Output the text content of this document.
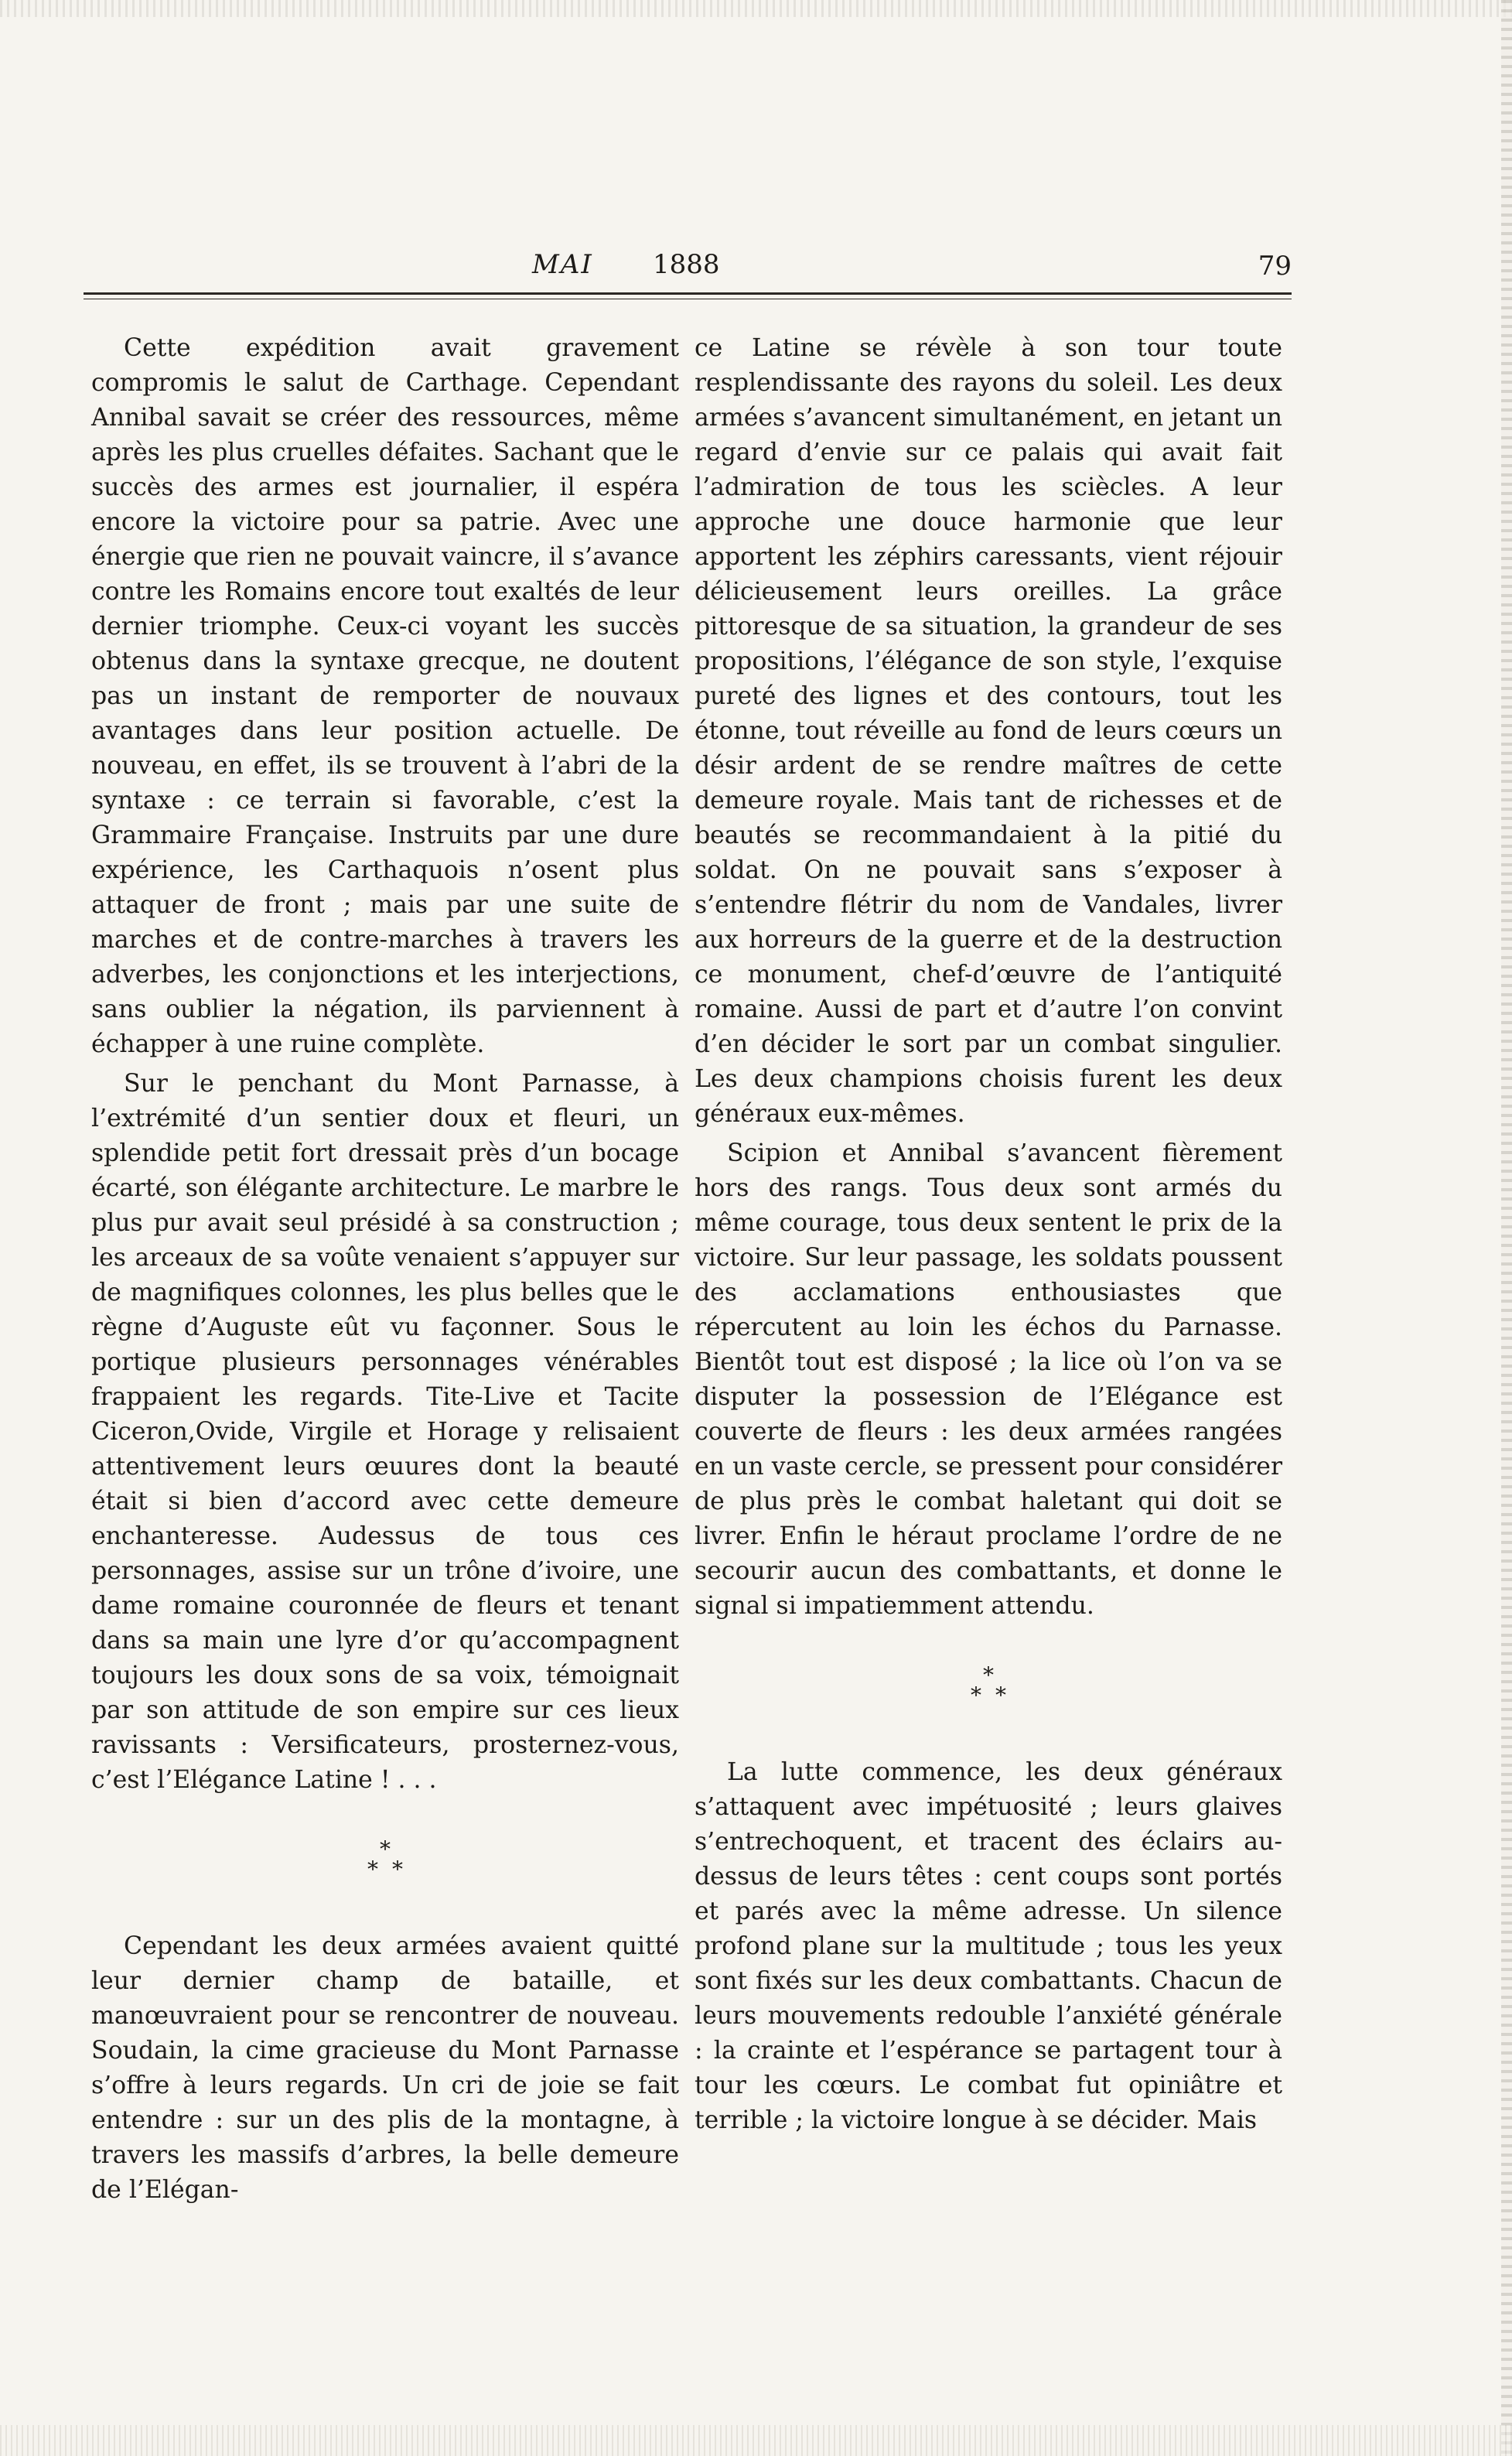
MAI 1888	79

Cette expédition avait gravement compromis le salut de Carthage. Cependant Annibal savait se créer des ressources, même après les plus cruelles défaites. Sachant que le succès des armes est journalier, il espéra encore la victoire pour sa patrie. Avec une énergie que rien ne pouvait vaincre, il s’avance contre les Romains encore tout exaltés de leur dernier triomphe. Ceux-ci voyant les succès obtenus dans la syntaxe grecque, ne doutent pas un instant de remporter de nouvaux avantages dans leur position actuelle. De nouveau, en effet, ils se trouvent à l’abri de la syntaxe : ce terrain si favorable, c’est la Grammaire Française. Instruits par une dure expérience, les Carthaquois n’osent plus attaquer de front ; mais par une suite de marches et de contre-marches à travers les adverbes, les conjonctions et les interjections, sans oublier la négation, ils parviennent à échapper à une ruine complète.

Sur le penchant du Mont Parnasse, à l’extrémité d’un sentier doux et fleuri, un splendide petit fort dressait près d’un bocage écarté, son élégante architecture. Le marbre le plus pur avait seul présidé à sa construction ; les arceaux de sa voûte venaient s’appuyer sur de magnifiques colonnes, les plus belles que le règne d’Auguste eût vu façonner. Sous le portique plusieurs personnages vénérables frappaient les regards. Tite-Live et Tacite Ciceron,Ovide, Virgile et Horage y relisaient attentivement leurs œuures dont la beauté était si bien d’accord avec cette demeure enchanteresse. Audessus de tous ces personnages, assise sur un trône d’ivoire, une dame romaine couronnée de fleurs et tenant dans sa main une lyre d’or qu’accompagnent toujours les doux sons de sa voix, témoignait par son attitude de son empire sur ces lieux ravissants : Versificateurs, prosternez-vous, c’est l’Elégance Latine ! . . .

*
**

Cependant les deux armées avaient quitté leur dernier champ de bataille, et manœuvraient pour se rencontrer de nouveau. Soudain, la cime gracieuse du Mont Parnasse s’offre à leurs regards. Un cri de joie se fait entendre : sur un des plis de la montagne, à travers les massifs d’arbres, la belle demeure de l’Elégan-

ce Latine se révèle à son tour toute resplendissante des rayons du soleil. Les deux armées s’avancent simultanément, en jetant un regard d’envie sur ce palais qui avait fait l’admiration de tous les sciècles. A leur approche une douce harmonie que leur apportent les zéphirs caressants, vient réjouir délicieusement leurs oreilles. La grâce pittoresque de sa situation, la grandeur de ses propositions, l’élégance de son style, l’exquise pureté des lignes et des contours, tout les étonne, tout réveille au fond de leurs cœurs un désir ardent de se rendre maîtres de cette demeure royale. Mais tant de richesses et de beautés se recommandaient à la pitié du soldat. On ne pouvait sans s’exposer à s’entendre flétrir du nom de Vandales, livrer aux horreurs de la guerre et de la destruction ce monument, chef-d’œuvre de l’antiquité romaine. Aussi de part et d’autre l’on convint d’en décider le sort par un combat singulier. Les deux champions choisis furent les deux généraux eux-mêmes.

Scipion et Annibal s’avancent fièrement hors des rangs. Tous deux sont armés du même courage, tous deux sentent le prix de la victoire. Sur leur passage, les soldats poussent des acclamations enthousiastes que répercutent au loin les échos du Parnasse. Bientôt tout est disposé ; la lice où l’on va se disputer la possession de l’Elégance est couverte de fleurs : les deux armées rangées en un vaste cercle, se pressent pour considérer de plus près le combat haletant qui doit se livrer. Enfin le héraut proclame l’ordre de ne secourir aucun des combattants, et donne le signal si impatiemment attendu.

*
**

La lutte commence, les deux généraux s’attaquent avec impétuosité ; leurs glaives s’entrechoquent, et tracent des éclairs au-dessus de leurs têtes : cent coups sont portés et parés avec la même adresse. Un silence profond plane sur la multitude ; tous les yeux sont fixés sur les deux combattants. Chacun de leurs mouvements redouble l’anxiété générale : la crainte et l’espérance se partagent tour à tour les cœurs. Le combat fut opiniâtre et terrible ; la victoire longue à se décider. Mais
